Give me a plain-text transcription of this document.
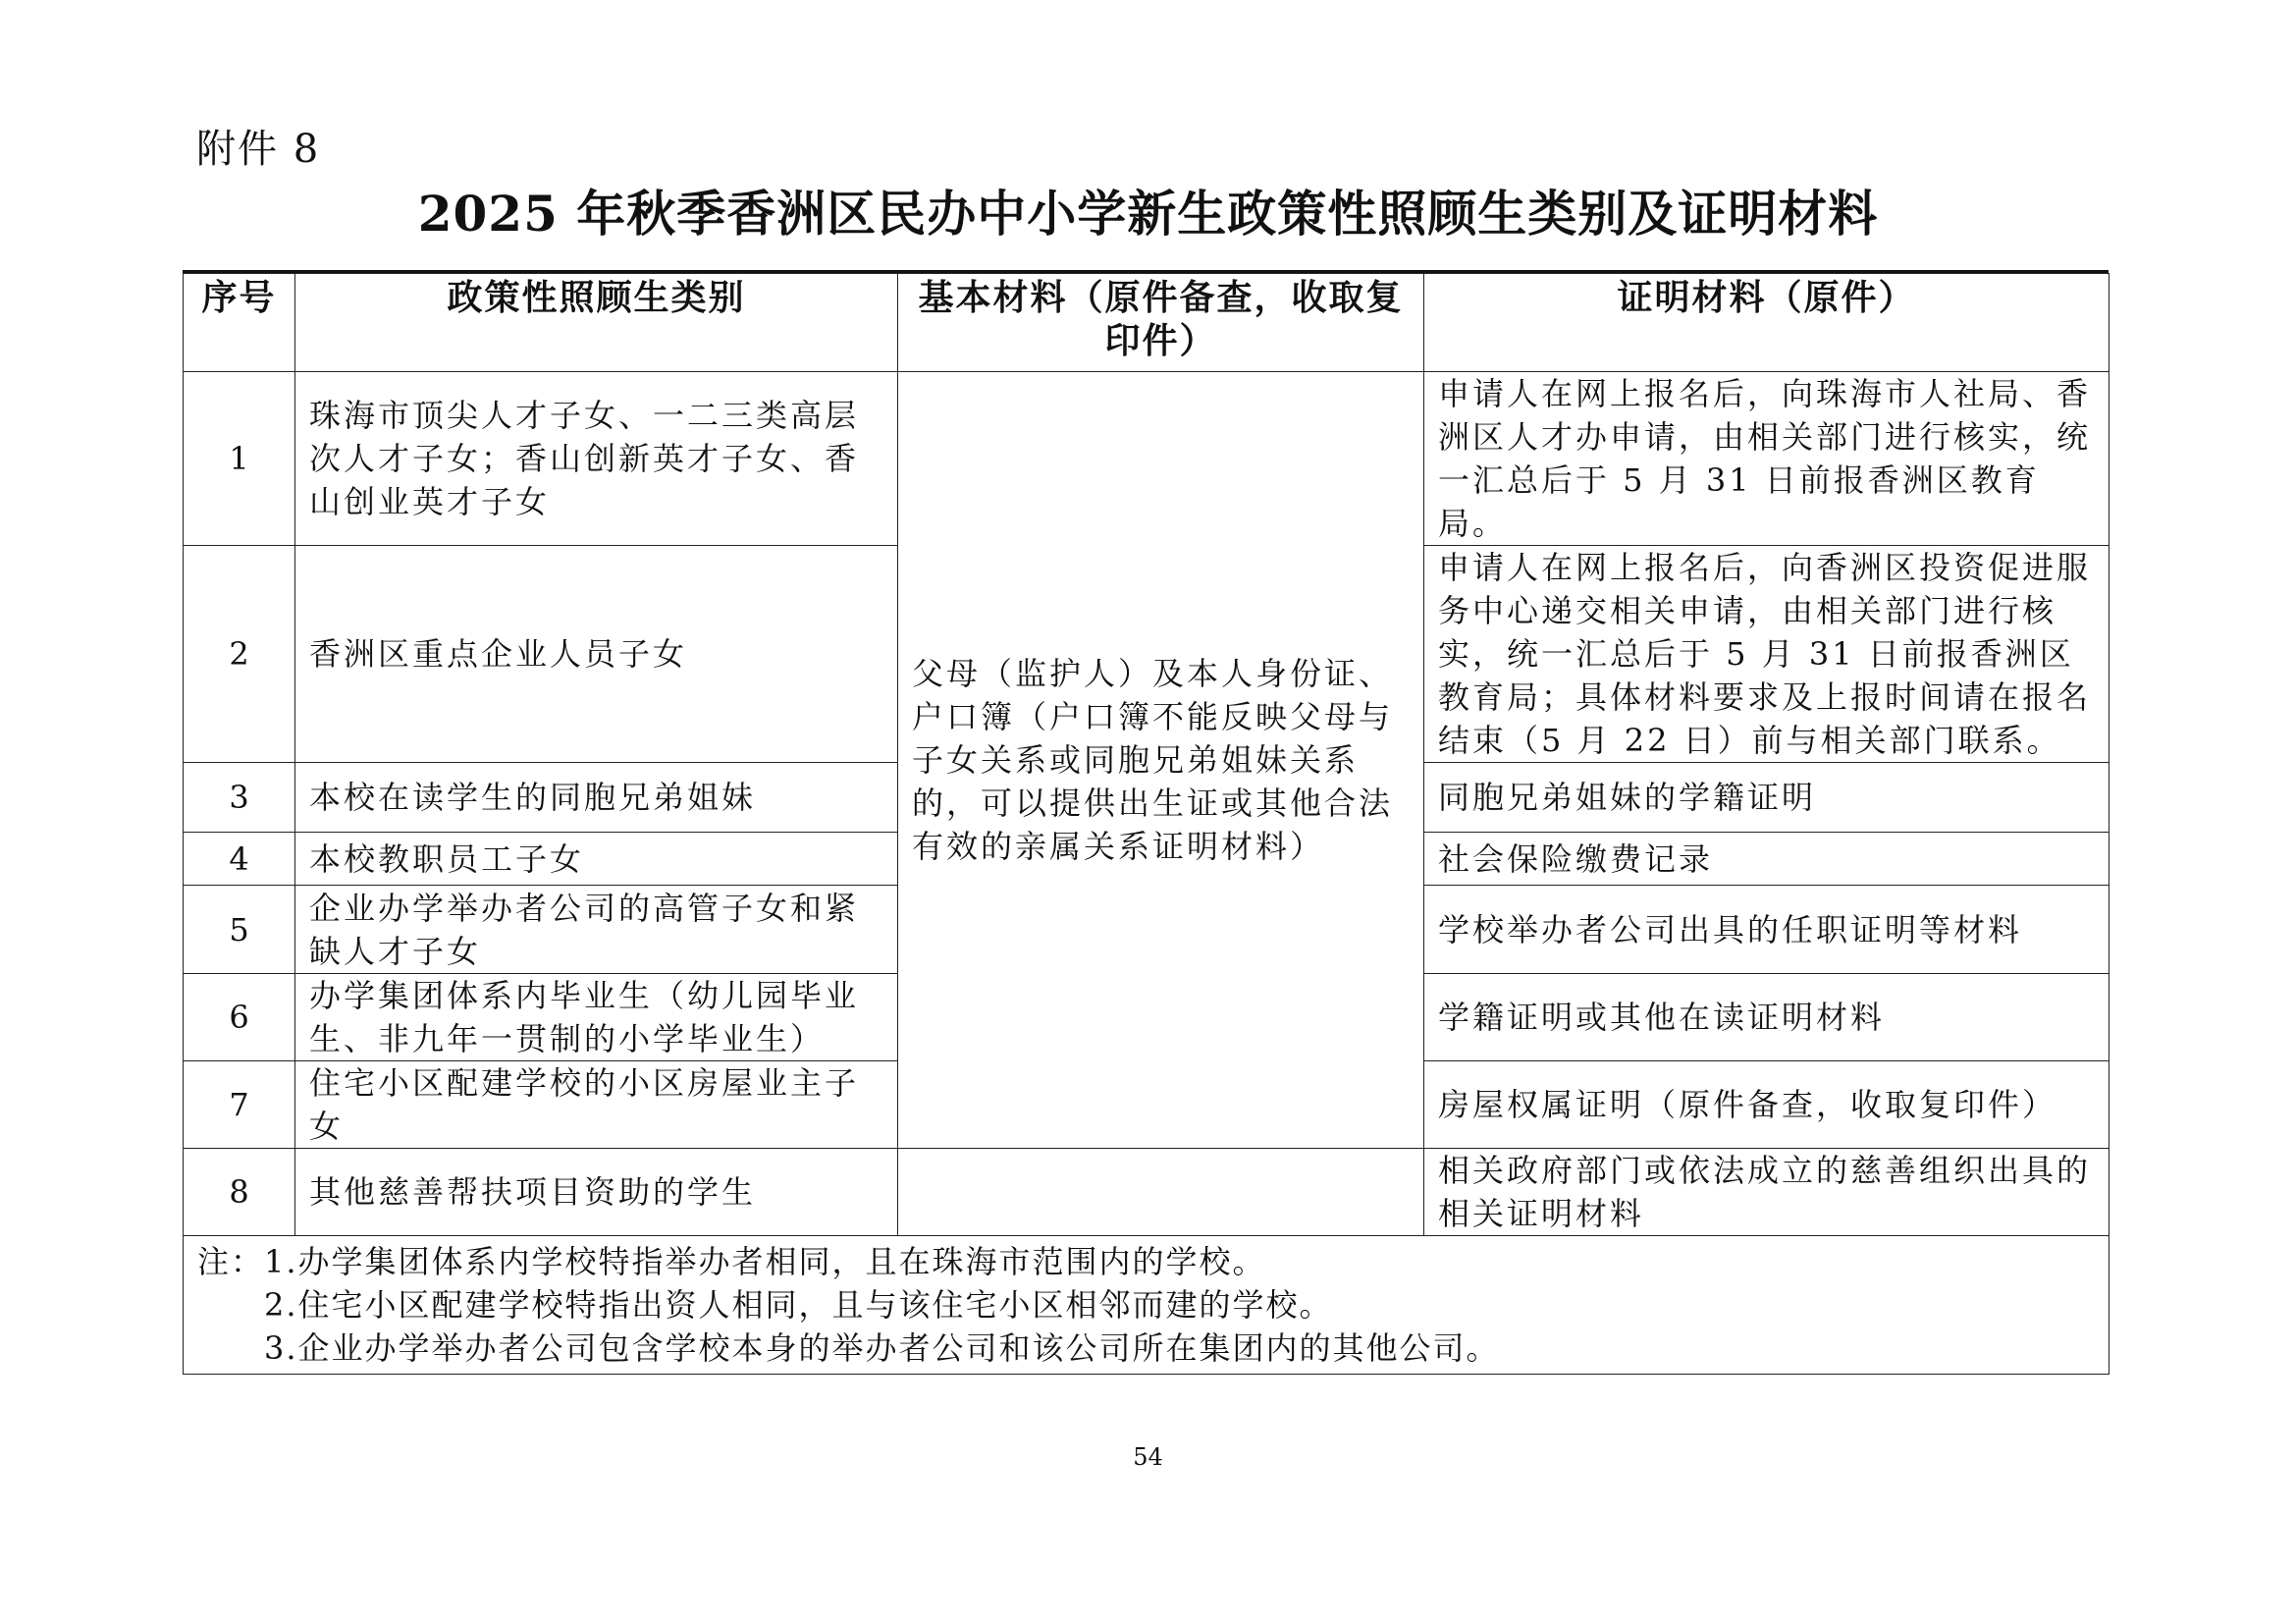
附件 8
2025 年秋季香洲区民办中小学新生政策性照顾生类别及证明材料
序号	政策性照顾生类别	基本材料（原件备查，收取复印件）	证明材料（原件）
1	珠海市顶尖人才子女、一二三类高层次人才子女；香山创新英才子女、香山创业英才子女	父母（监护人）及本人身份证、户口簿（户口簿不能反映父母与子女关系或同胞兄弟姐妹关系的，可以提供出生证或其他合法有效的亲属关系证明材料）	申请人在网上报名后，向珠海市人社局、香洲区人才办申请，由相关部门进行核实，统一汇总后于 5 月 31 日前报香洲区教育局。
2	香洲区重点企业人员子女		申请人在网上报名后，向香洲区投资促进服务中心递交相关申请，由相关部门进行核实，统一汇总后于 5 月 31 日前报香洲区教育局；具体材料要求及上报时间请在报名结束（5 月 22 日）前与相关部门联系。
3	本校在读学生的同胞兄弟姐妹		同胞兄弟姐妹的学籍证明
4	本校教职员工子女		社会保险缴费记录
5	企业办学举办者公司的高管子女和紧缺人才子女		学校举办者公司出具的任职证明等材料
6	办学集团体系内毕业生（幼儿园毕业生、非九年一贯制的小学毕业生）		学籍证明或其他在读证明材料
7	住宅小区配建学校的小区房屋业主子女		房屋权属证明（原件备查，收取复印件）
8	其他慈善帮扶项目资助的学生		相关政府部门或依法成立的慈善组织出具的相关证明材料

注：1.办学集团体系内学校特指举办者相同，且在珠海市范围内的学校。
2.住宅小区配建学校特指出资人相同，且与该住宅小区相邻而建的学校。
3.企业办学举办者公司包含学校本身的举办者公司和该公司所在集团内的其他公司。			
54
